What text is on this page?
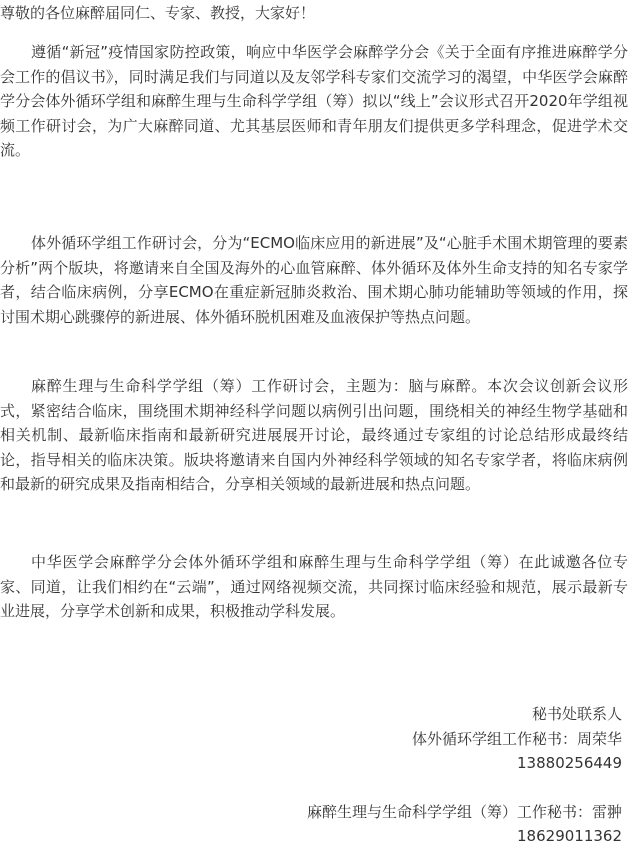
尊敬的各位麻醉届同仁、专家、教授，大家好！

遵循“新冠”疫情国家防控政策，响应中华医学会麻醉学分会《关于全面有序推进麻醉学分会工作的倡议书》，同时满足我们与同道以及友邻学科专家们交流学习的渴望，中华医学会麻醉学分会体外循环学组和麻醉生理与生命科学学组（筹）拟以“线上”会议形式召开2020年学组视频工作研讨会，为广大麻醉同道、尤其基层医师和青年朋友们提供更多学科理念，促进学术交流。

体外循环学组工作研讨会，分为“ECMO临床应用的新进展”及“心脏手术围术期管理的要素分析”两个版块，将邀请来自全国及海外的心血管麻醉、体外循环及体外生命支持的知名专家学者，结合临床病例，分享ECMO在重症新冠肺炎救治、围术期心肺功能辅助等领域的作用，探讨围术期心跳骤停的新进展、体外循环脱机困难及血液保护等热点问题。

麻醉生理与生命科学学组（筹）工作研讨会，主题为：脑与麻醉。本次会议创新会议形式，紧密结合临床，围绕围术期神经科学问题以病例引出问题，围绕相关的神经生物学基础和相关机制、最新临床指南和最新研究进展展开讨论，最终通过专家组的讨论总结形成最终结论，指导相关的临床决策。版块将邀请来自国内外神经科学领域的知名专家学者，将临床病例和最新的研究成果及指南相结合，分享相关领域的最新进展和热点问题。

中华医学会麻醉学分会体外循环学组和麻醉生理与生命科学学组（筹）在此诚邀各位专家、同道，让我们相约在“云端”，通过网络视频交流，共同探讨临床经验和规范，展示最新专业进展，分享学术创新和成果，积极推动学科发展。

秘书处联系人

体外循环学组工作秘书：周荣华

13880256449

麻醉生理与生命科学学组（筹）工作秘书：雷翀

18629011362
